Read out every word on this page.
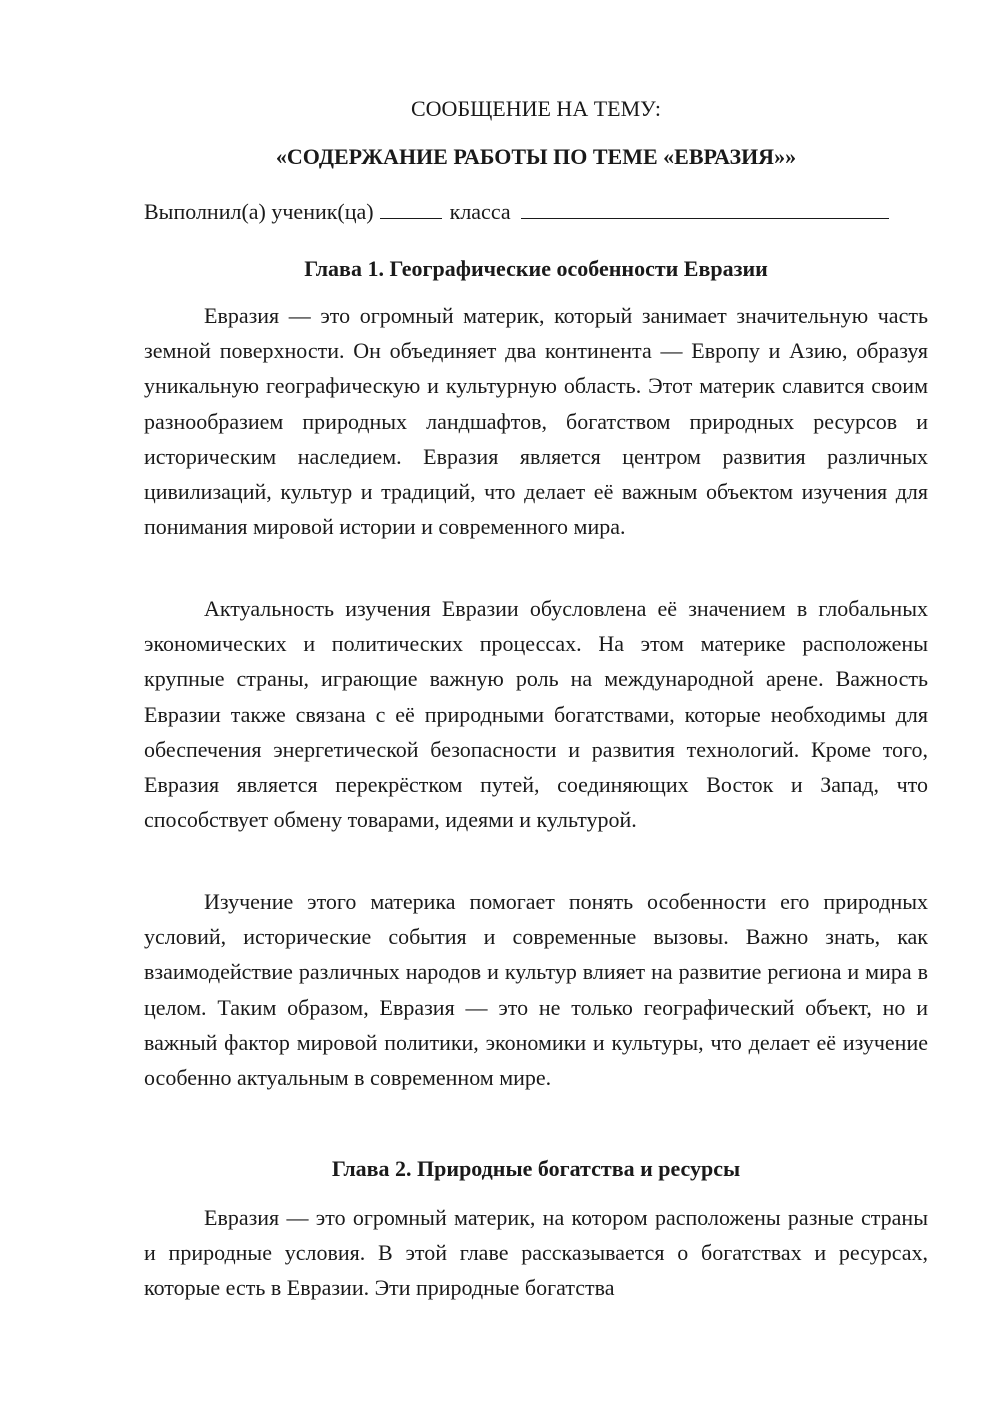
СООБЩЕНИЕ НА ТЕМУ:
«СОДЕРЖАНИЕ РАБОТЫ ПО ТЕМЕ «ЕВРАЗИЯ»»
Выполнил(а) ученик(ца)	класса
Глава 1. Географические особенности Евразии

Евразия — это огромный материк, который занимает значительную часть земной поверхности. Он объединяет два континента — Европу и Азию, образуя уникальную географическую и культурную область. Этот материк славится своим разнообразием природных ландшафтов, богатством природных ресурсов и историческим наследием. Евразия является центром развития различных цивилизаций, культур и традиций, что делает её важным объектом изучения для понимания мировой истории и современного мира.

Актуальность изучения Евразии обусловлена её значением в глобальных экономических и политических процессах. На этом материке расположены крупные страны, играющие важную роль на международной арене. Важность Евразии также связана с её природными богатствами, которые необходимы для обеспечения энергетической безопасности и развития технологий. Кроме того, Евразия является перекрёстком путей, соединяющих Восток и Запад, что способствует обмену товарами, идеями и культурой.

Изучение этого материка помогает понять особенности его природных условий, исторические события и современные вызовы. Важно знать, как взаимодействие различных народов и культур влияет на развитие региона и мира в целом. Таким образом, Евразия — это не только географический объект, но и важный фактор мировой политики, экономики и культуры, что делает её изучение особенно актуальным в современном мире.

Глава 2. Природные богатства и ресурсы

Евразия — это огромный материк, на котором расположены разные страны и природные условия. В этой главе рассказывается о богатствах и ресурсах, которые есть в Евразии. Эти природные богатства
